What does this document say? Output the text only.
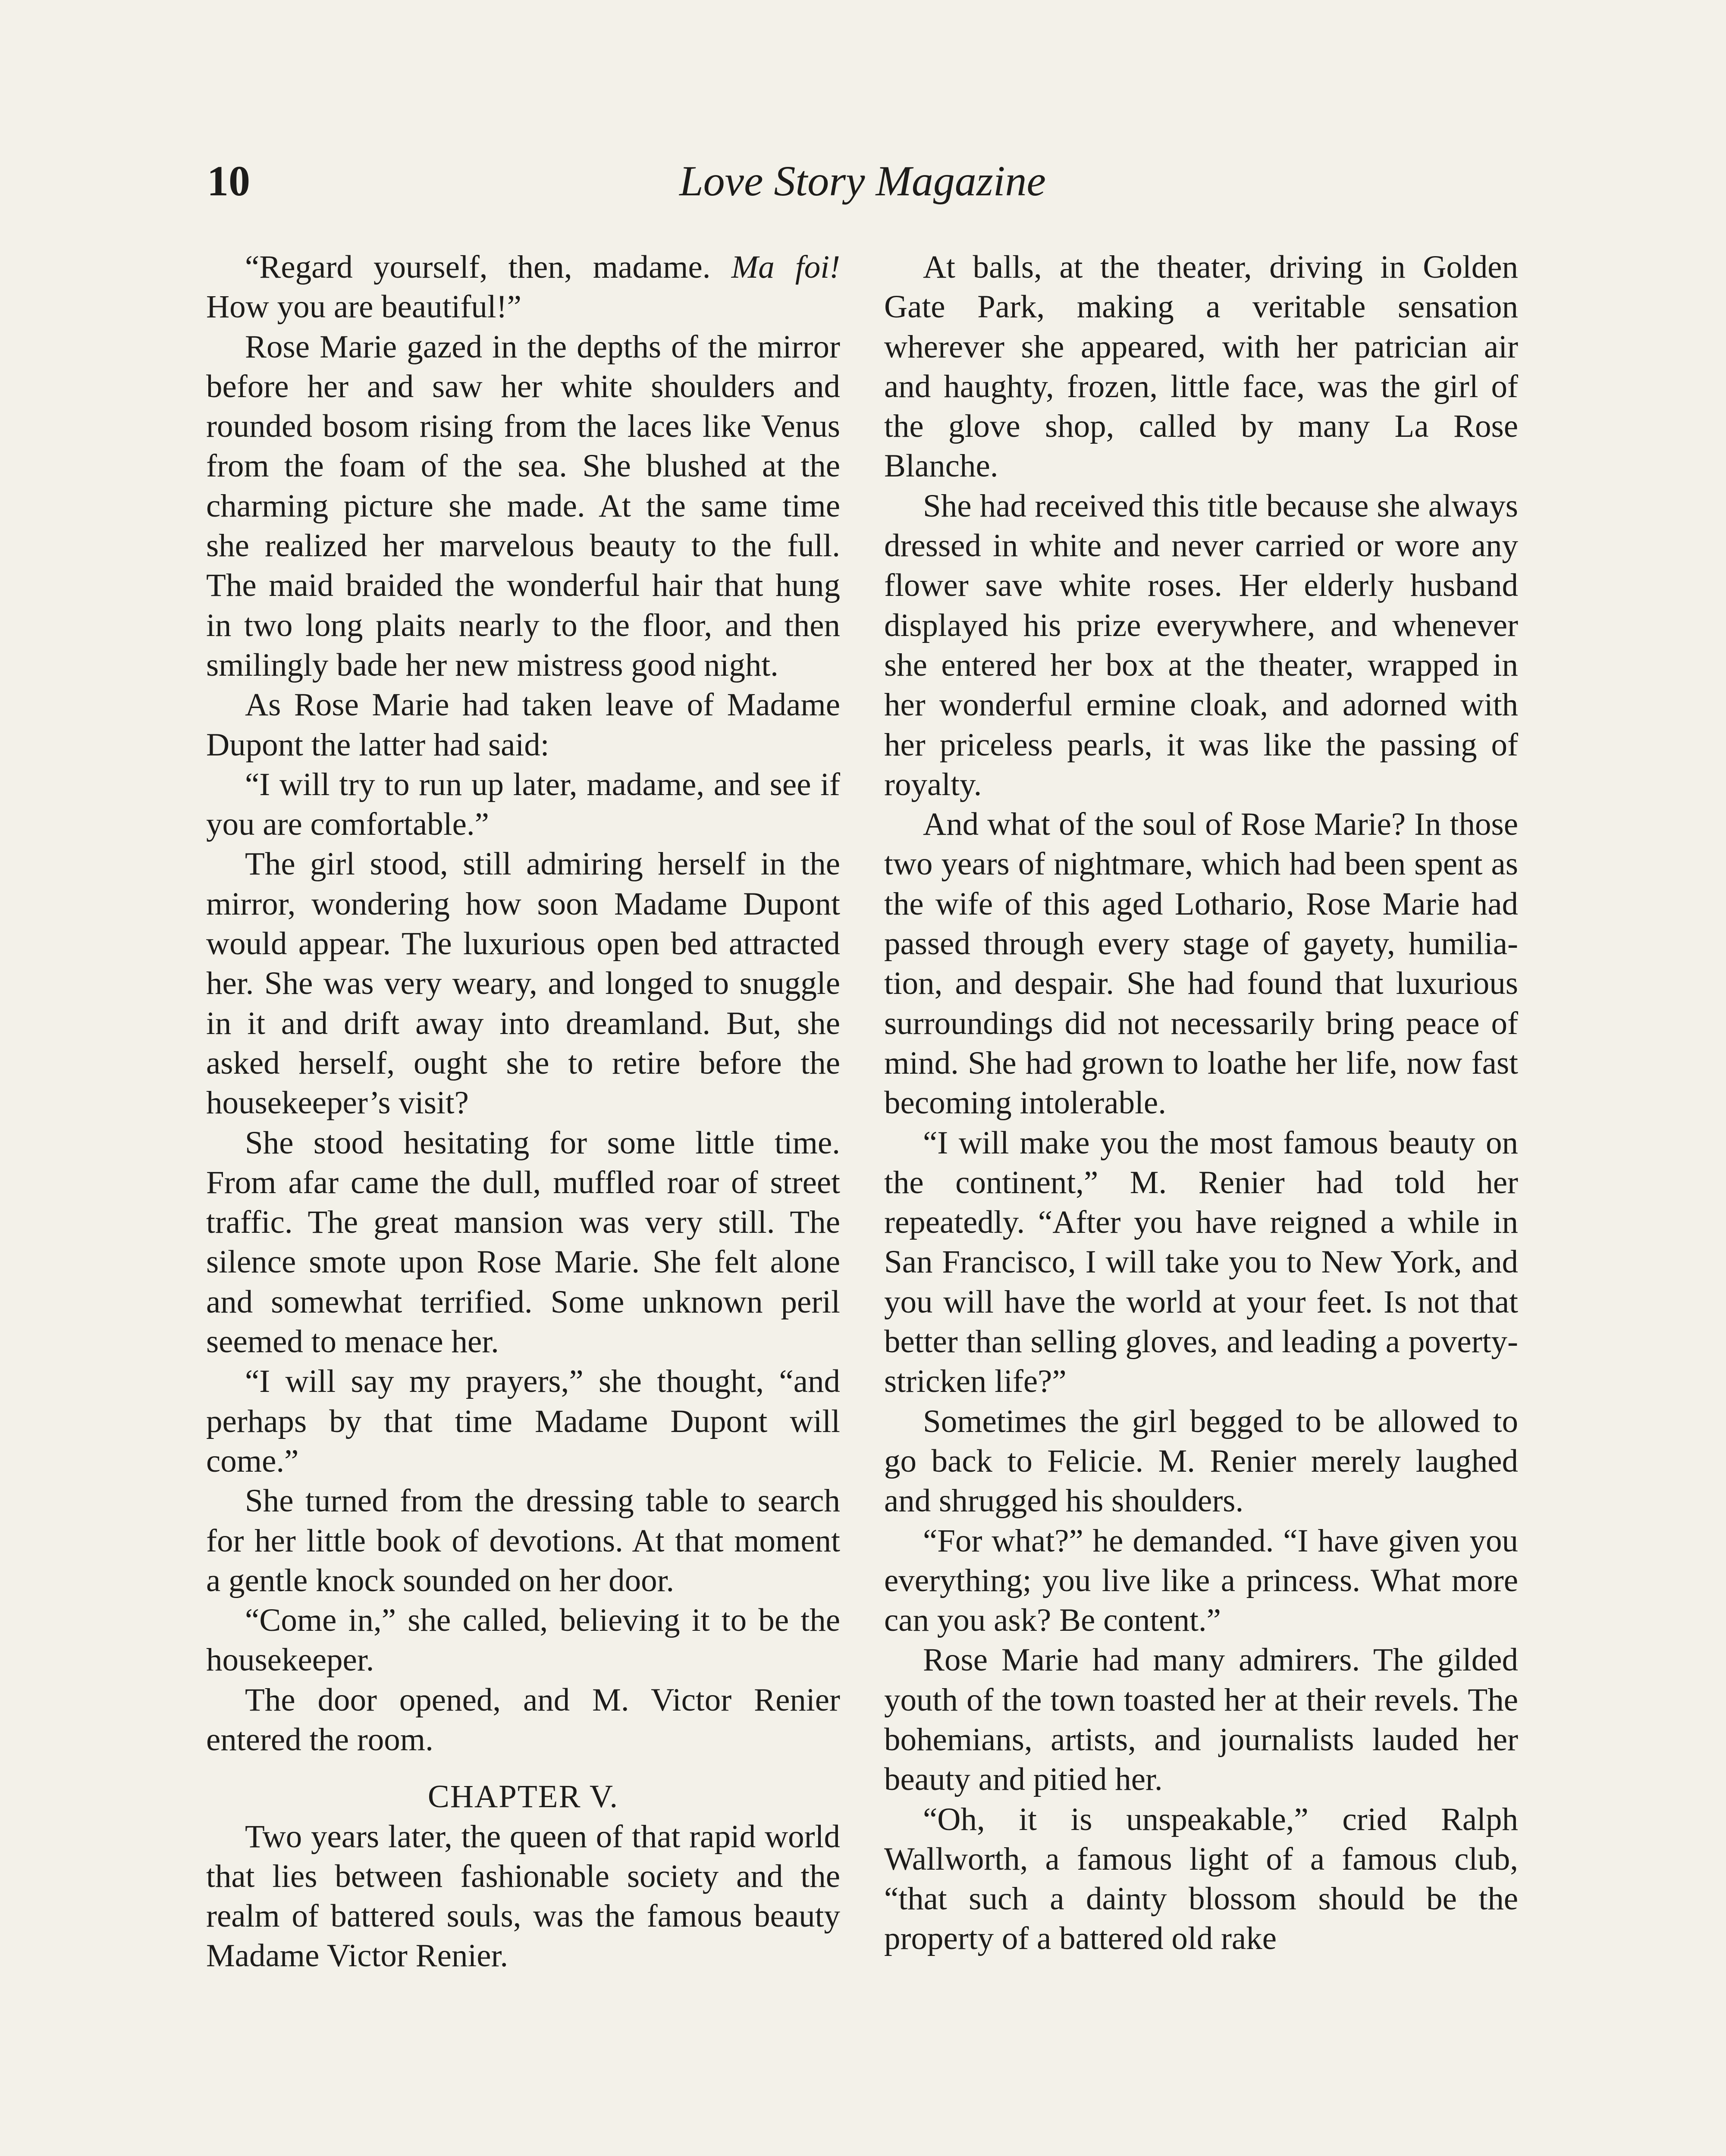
10	Love Story Magazine

“Regard yourself, then, madame. Ma foi! How you are beautiful!”

Rose Marie gazed in the depths of the mirror before her and saw her white shoulders and rounded bosom rising from the laces like Venus from the foam of the sea. She blushed at the charming picture she made. At the same time she realized her marvelous beauty to the full. The maid braided the wonderful hair that hung in two long plaits nearly to the floor, and then smilingly bade her new mistress good night.

As Rose Marie had taken leave of Madame Dupont the latter had said:

“I will try to run up later, madame, and see if you are comfortable.”

The girl stood, still admiring herself in the mirror, wondering how soon Madame Dupont would appear. The luxurious open bed attracted her. She was very weary, and longed to snuggle in it and drift away into dreamland. But, she asked herself, ought she to retire before the housekeeper’s visit?

She stood hesitating for some little time. From afar came the dull, muffled roar of street traffic. The great mansion was very still. The silence smote upon Rose Marie. She felt alone and somewhat terrified. Some unknown peril seemed to menace her.

“I will say my prayers,” she thought, “and perhaps by that time Madame Dupont will come.”

She turned from the dressing table to search for her little book of devotions. At that moment a gentle knock sounded on her door.

“Come in,” she called, believing it to be the housekeeper.

The door opened, and M. Victor Renier entered the room.

CHAPTER V.

Two years later, the queen of that rapid world that lies between fashionable society and the realm of battered souls, was the famous beauty Madame Victor Renier.

At balls, at the theater, driving in Golden Gate Park, making a veritable sensation wherever she appeared, with her patrician air and haughty, frozen, little face, was the girl of the glove shop, called by many La Rose Blanche.

She had received this title because she always dressed in white and never carried or wore any flower save white roses. Her elderly husband displayed his prize everywhere, and whenever she entered her box at the theater, wrapped in her wonderful ermine cloak, and adorned with her priceless pearls, it was like the passing of royalty.

And what of the soul of Rose Marie? In those two years of nightmare, which had been spent as the wife of this aged Lothario, Rose Marie had passed through every stage of gayety, humiliation, and despair. She had found that luxurious surroundings did not necessarily bring peace of mind. She had grown to loathe her life, now fast becoming intolerable.

“I will make you the most famous beauty on the continent,” M. Renier had told her repeatedly. “After you have reigned a while in San Francisco, I will take you to New York, and you will have the world at your feet. Is not that better than selling gloves, and leading a poverty-stricken life?”

Sometimes the girl begged to be allowed to go back to Felicie. M. Renier merely laughed and shrugged his shoulders.

“For what?” he demanded. “I have given you everything; you live like a princess. What more can you ask? Be content.”

Rose Marie had many admirers. The gilded youth of the town toasted her at their revels. The bohemians, artists, and journalists lauded her beauty and pitied her.

“Oh, it is unspeakable,” cried Ralph Wallworth, a famous light of a famous club, “that such a dainty blossom should be the property of a battered old rake
